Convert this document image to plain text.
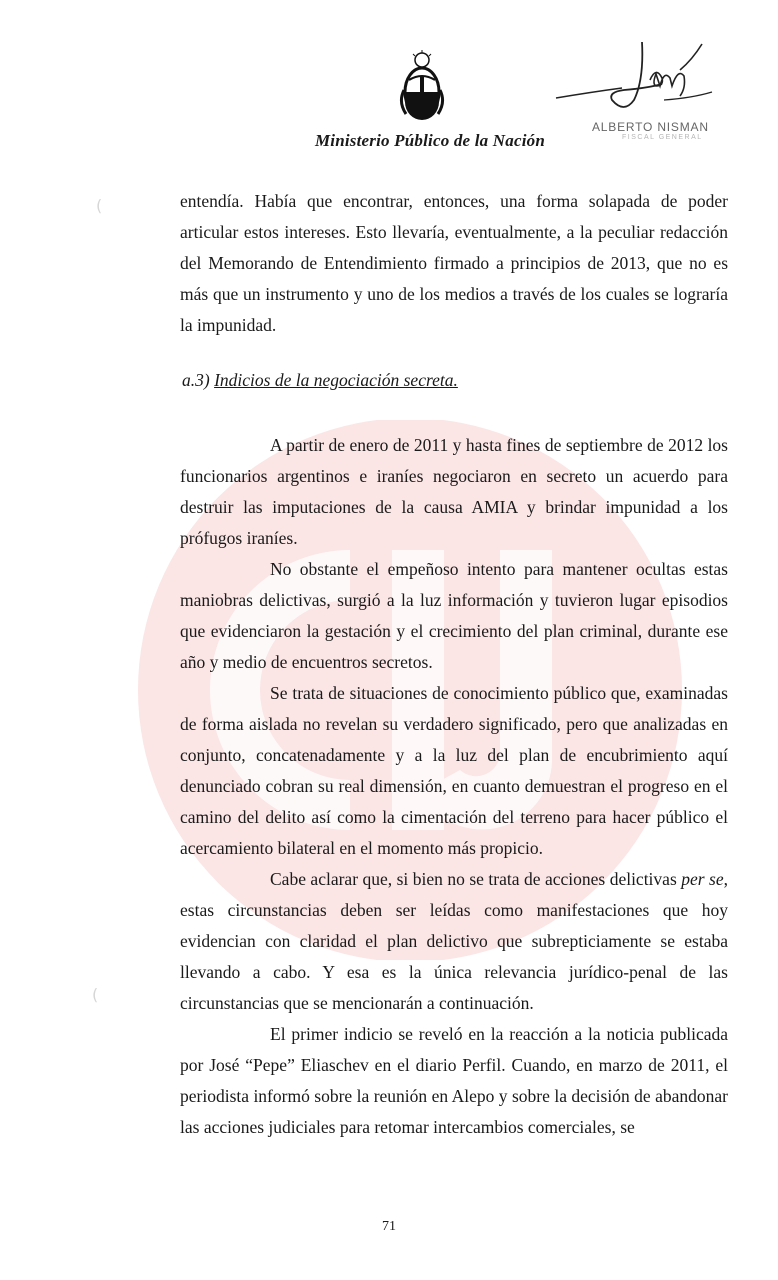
Ministerio Público de la Nación
ALBERTO NISMAN
FISCAL GENERAL
(
(

entendía. Había que encontrar, entonces, una forma solapada de poder articular estos intereses. Esto llevaría, eventualmente, a la peculiar redacción del Memorando de Entendimiento firmado a principios de 2013, que no es más que un instrumento y uno de los medios a través de los cuales se lograría la impunidad.

a.3) Indicios de la negociación secreta.

A partir de enero de 2011 y hasta fines de septiembre de 2012 los funcionarios argentinos e iraníes negociaron en secreto un acuerdo para destruir las imputaciones de la causa AMIA y brindar impunidad a los prófugos iraníes.

No obstante el empeñoso intento para mantener ocultas estas maniobras delictivas, surgió a la luz información y tuvieron lugar episodios que evidenciaron la gestación y el crecimiento del plan criminal, durante ese año y medio de encuentros secretos.

Se trata de situaciones de conocimiento público que, examinadas de forma aislada no revelan su verdadero significado, pero que analizadas en conjunto, concatenadamente y a la luz del plan de encubrimiento aquí denunciado cobran su real dimensión, en cuanto demuestran el progreso en el camino del delito así como la cimentación del terreno para hacer público el acercamiento bilateral en el momento más propicio.

Cabe aclarar que, si bien no se trata de acciones delictivas per se, estas circunstancias deben ser leídas como manifestaciones que hoy evidencian con claridad el plan delictivo que subrepticiamente se estaba llevando a cabo. Y esa es la única relevancia jurídico-penal de las circunstancias que se mencionarán a continuación.

El primer indicio se reveló en la reacción a la noticia publicada por José “Pepe” Eliaschev en el diario Perfil. Cuando, en marzo de 2011, el periodista informó sobre la reunión en Alepo y sobre la decisión de abandonar las acciones judiciales para retomar intercambios comerciales, se

71
